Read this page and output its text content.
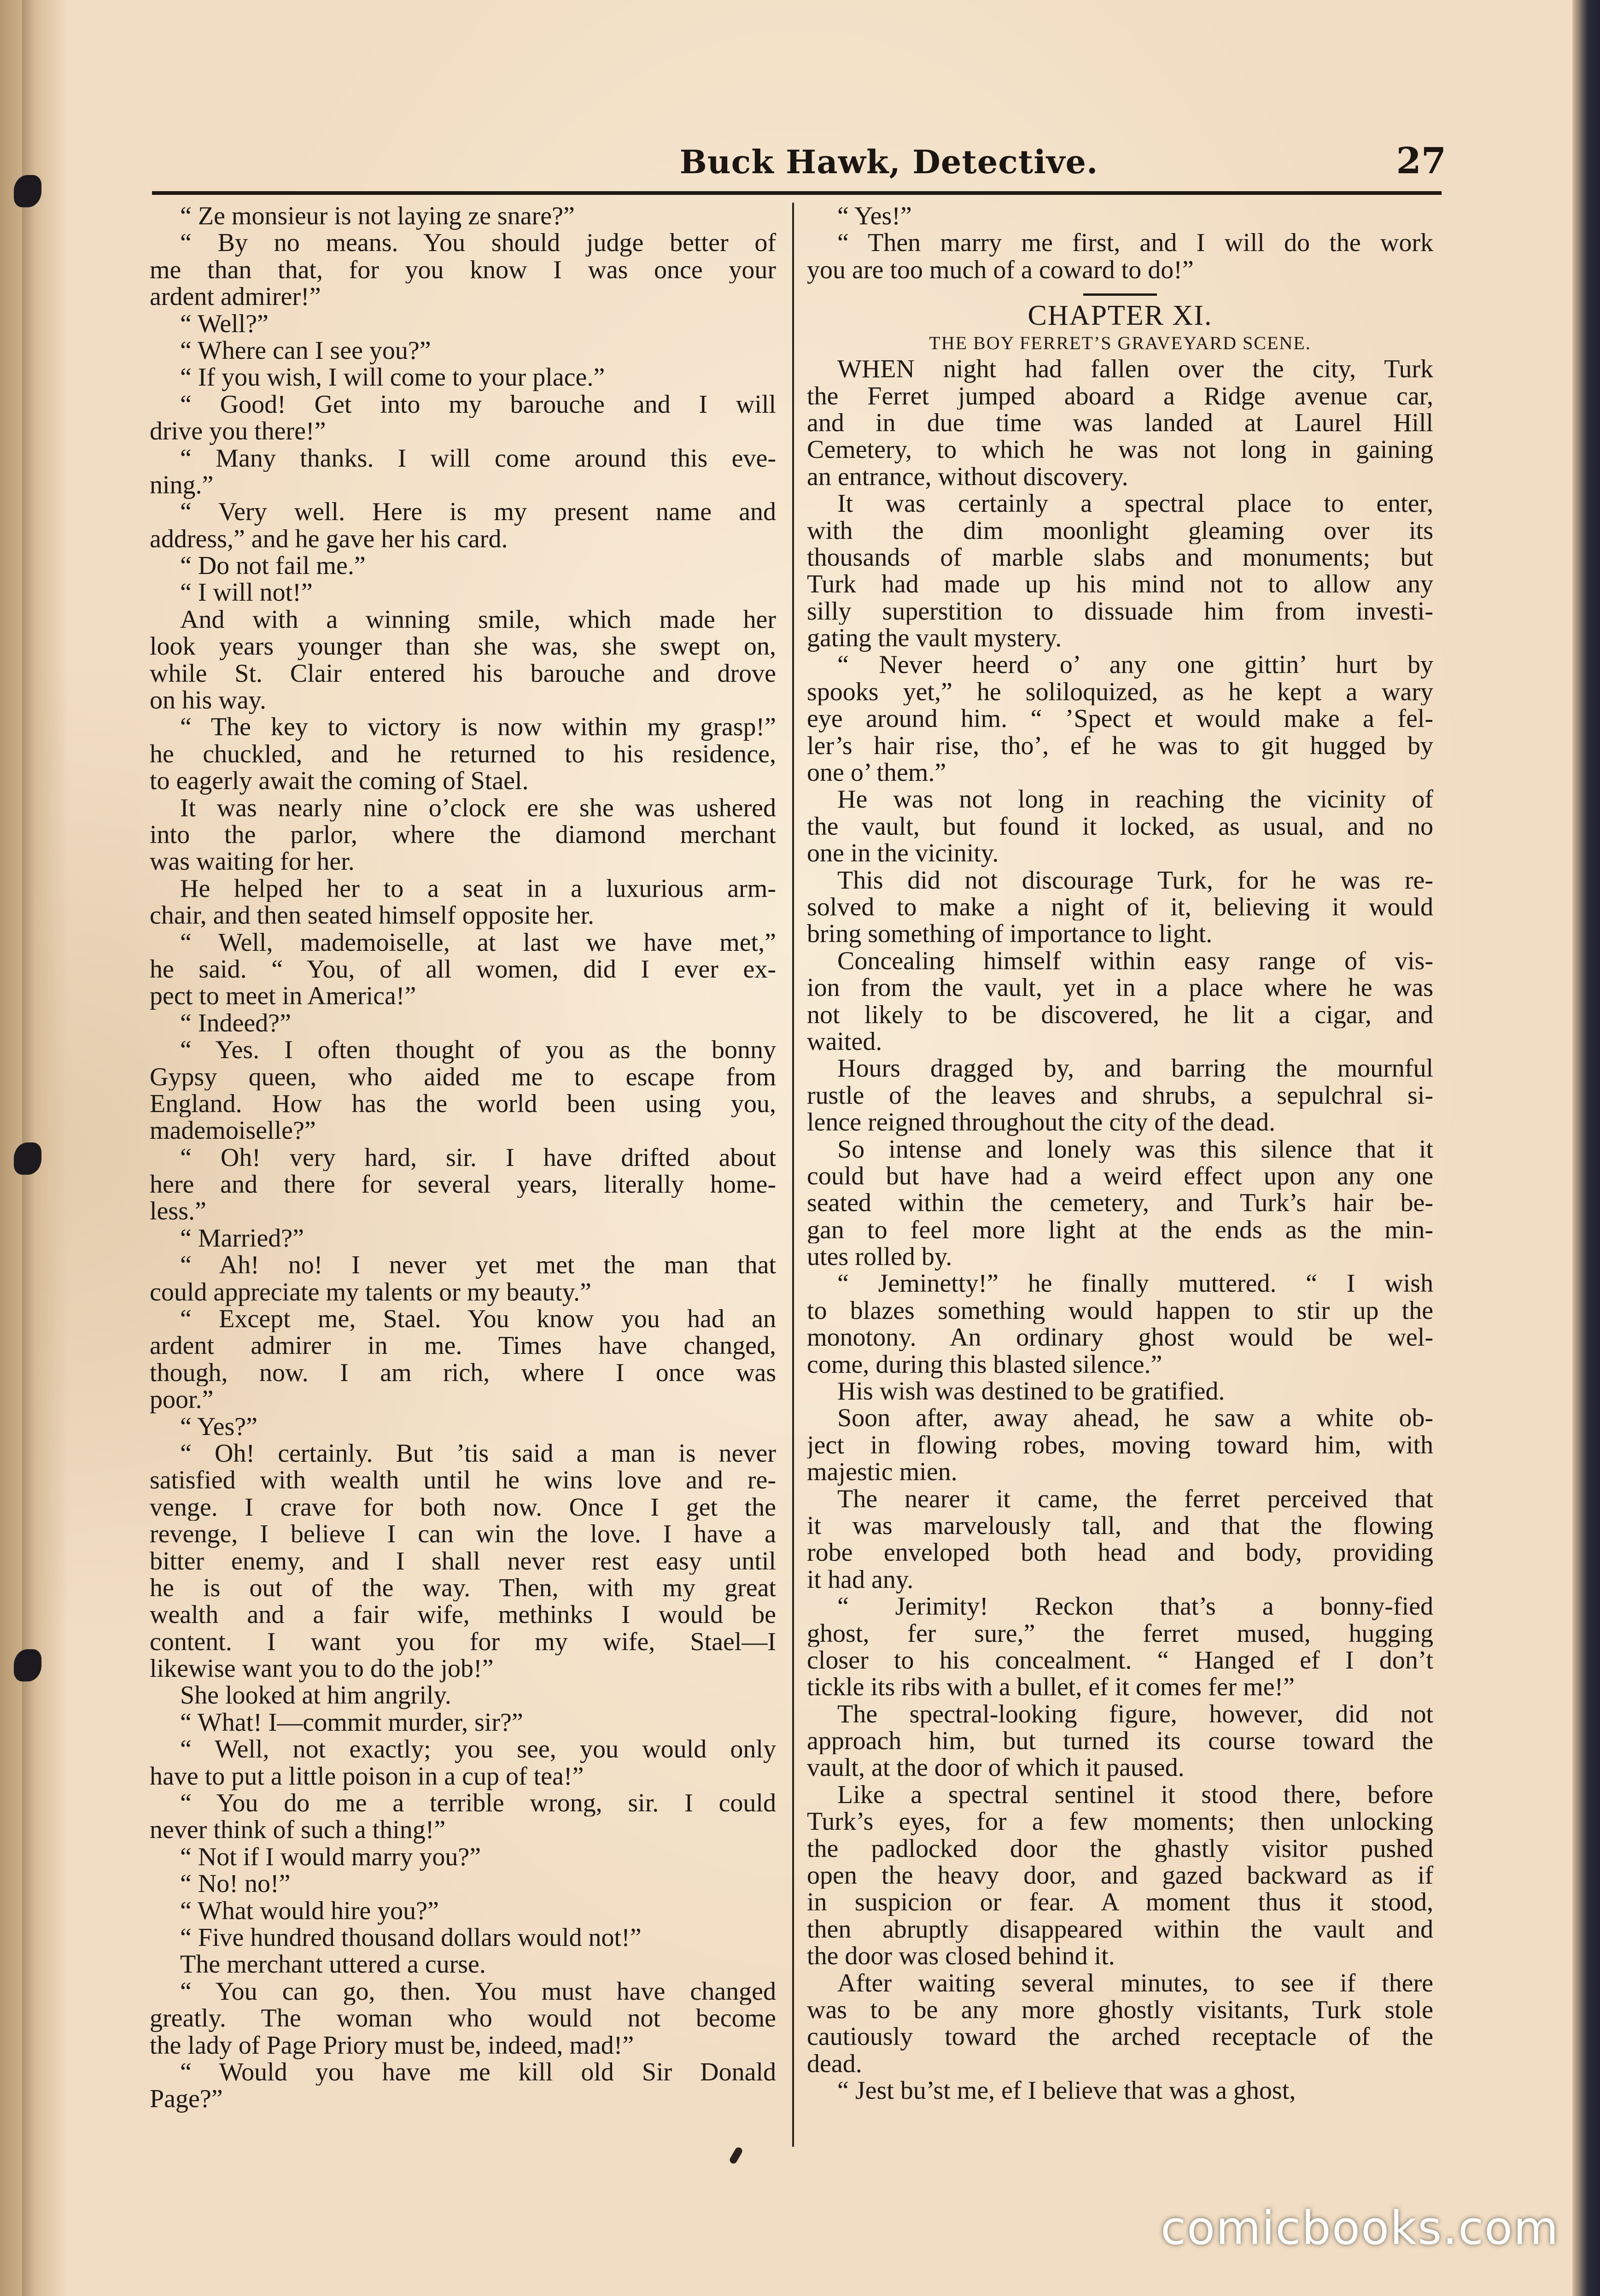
Buck Hawk, Detective.	27
“ Ze monsieur is not laying ze snare?”
“ By no means. You should judge better of
me than that, for you know I was once your
ardent admirer!”
“ Well?”
“ Where can I see you?”
“ If you wish, I will come to your place.”
“ Good! Get into my barouche and I will
drive you there!”
“ Many thanks. I will come around this eve-
ning.”
“ Very well. Here is my present name and
address,” and he gave her his card.
“ Do not fail me.”
“ I will not!”
And with a winning smile, which made her
look years younger than she was, she swept on,
while St. Clair entered his barouche and drove
on his way.
“ The key to victory is now within my grasp!”
he chuckled, and he returned to his residence,
to eagerly await the coming of Stael.
It was nearly nine o’clock ere she was ushered
into the parlor, where the diamond merchant
was waiting for her.
He helped her to a seat in a luxurious arm-
chair, and then seated himself opposite her.
“ Well, mademoiselle, at last we have met,”
he said. “ You, of all women, did I ever ex-
pect to meet in America!”
“ Indeed?”
“ Yes. I often thought of you as the bonny
Gypsy queen, who aided me to escape from
England. How has the world been using you,
mademoiselle?”
“ Oh! very hard, sir. I have drifted about
here and there for several years, literally home-
less.”
“ Married?”
“ Ah! no! I never yet met the man that
could appreciate my talents or my beauty.”
“ Except me, Stael. You know you had an
ardent admirer in me. Times have changed,
though, now. I am rich, where I once was
poor.”
“ Yes?”
“ Oh! certainly. But ’tis said a man is never
satisfied with wealth until he wins love and re-
venge. I crave for both now. Once I get the
revenge, I believe I can win the love. I have a
bitter enemy, and I shall never rest easy until
he is out of the way. Then, with my great
wealth and a fair wife, methinks I would be
content. I want you for my wife, Stael—I
likewise want you to do the job!”
She looked at him angrily.
“ What! I—commit murder, sir?”
“ Well, not exactly; you see, you would only
have to put a little poison in a cup of tea!”
“ You do me a terrible wrong, sir. I could
never think of such a thing!”
“ Not if I would marry you?”
“ No! no!”
“ What would hire you?”
“ Five hundred thousand dollars would not!”
The merchant uttered a curse.
“ You can go, then. You must have changed
greatly. The woman who would not become
the lady of Page Priory must be, indeed, mad!”
“ Would you have me kill old Sir Donald
Page?”
“ Yes!”
“ Then marry me first, and I will do the work
you are too much of a coward to do!”
CHAPTER XI.
THE BOY FERRET’S GRAVEYARD SCENE.
WHEN night had fallen over the city, Turk
the Ferret jumped aboard a Ridge avenue car,
and in due time was landed at Laurel Hill
Cemetery, to which he was not long in gaining
an entrance, without discovery.
It was certainly a spectral place to enter,
with the dim moonlight gleaming over its
thousands of marble slabs and monuments; but
Turk had made up his mind not to allow any
silly superstition to dissuade him from investi-
gating the vault mystery.
“ Never heerd o’ any one gittin’ hurt by
spooks yet,” he soliloquized, as he kept a wary
eye around him. “ ’Spect et would make a fel-
ler’s hair rise, tho’, ef he was to git hugged by
one o’ them.”
He was not long in reaching the vicinity of
the vault, but found it locked, as usual, and no
one in the vicinity.
This did not discourage Turk, for he was re-
solved to make a night of it, believing it would
bring something of importance to light.
Concealing himself within easy range of vis-
ion from the vault, yet in a place where he was
not likely to be discovered, he lit a cigar, and
waited.
Hours dragged by, and barring the mournful
rustle of the leaves and shrubs, a sepulchral si-
lence reigned throughout the city of the dead.
So intense and lonely was this silence that it
could but have had a weird effect upon any one
seated within the cemetery, and Turk’s hair be-
gan to feel more light at the ends as the min-
utes rolled by.
“ Jeminetty!” he finally muttered. “ I wish
to blazes something would happen to stir up the
monotony. An ordinary ghost would be wel-
come, during this blasted silence.”
His wish was destined to be gratified.
Soon after, away ahead, he saw a white ob-
ject in flowing robes, moving toward him, with
majestic mien.
The nearer it came, the ferret perceived that
it was marvelously tall, and that the flowing
robe enveloped both head and body, providing
it had any.
“ Jerimity! Reckon that’s a bonny-fied
ghost, fer sure,” the ferret mused, hugging
closer to his concealment. “ Hanged ef I don’t
tickle its ribs with a bullet, ef it comes fer me!”
The spectral-looking figure, however, did not
approach him, but turned its course toward the
vault, at the door of which it paused.
Like a spectral sentinel it stood there, before
Turk’s eyes, for a few moments; then unlocking
the padlocked door the ghastly visitor pushed
open the heavy door, and gazed backward as if
in suspicion or fear. A moment thus it stood,
then abruptly disappeared within the vault and
the door was closed behind it.
After waiting several minutes, to see if there
was to be any more ghostly visitants, Turk stole
cautiously toward the arched receptacle of the
dead.
“ Jest bu’st me, ef I believe that was a ghost,
comicbooks.com
